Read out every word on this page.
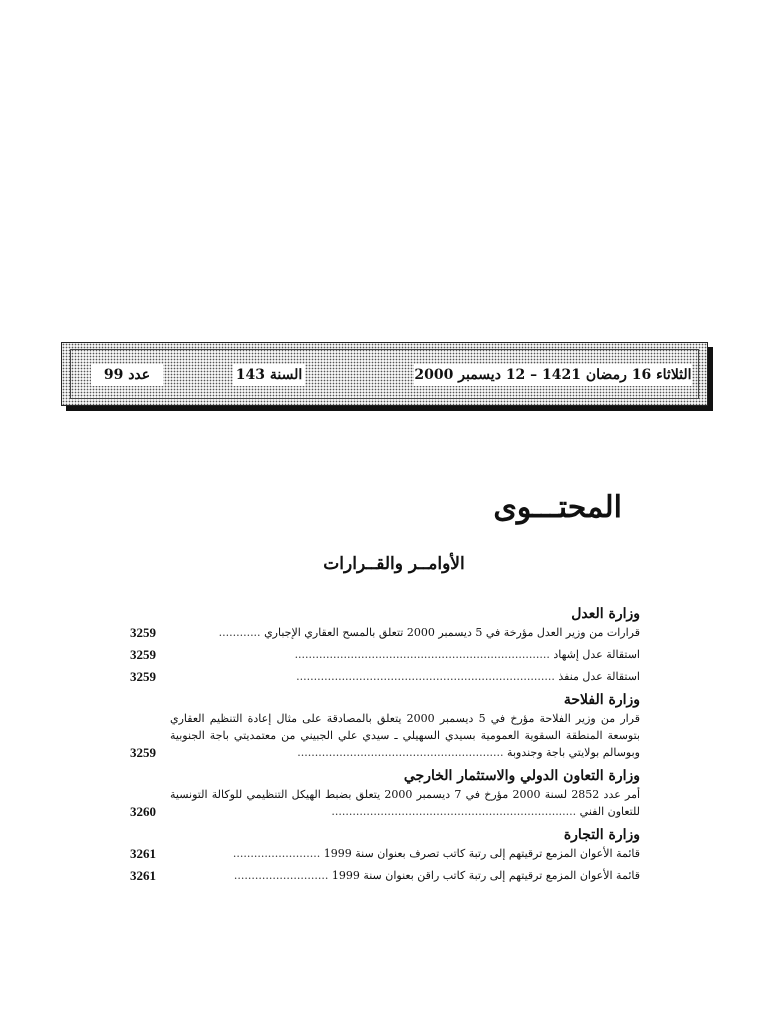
الثلاثاء 16 رمضان 1421 – 12 ديسمبر 2000
السنة 143
عدد 99
المحتـــوى
الأوامــر والقــرارات
وزارة العدل
قرارات من وزير العدل مؤرخة في 5 ديسمبر 2000 تتعلق بالمسح العقاري الإجباري ............
3259
استقالة عدل إشهاد .........................................................................
3259
استقالة عدل منفذ ..........................................................................
3259
وزارة الفلاحة
قرار من وزير الفلاحة مؤرخ في 5 ديسمبر 2000 يتعلق بالمصادقة على مثال إعادة التنظيم العقاري بتوسعة المنطقة السقوية العمومية بسيدي السهيلي ـ سيدي علي الجبيني من معتمديتي باجة الجنوبية وبوسالم بولايتي باجة وجندوبة ...........................................................
3259
وزارة التعاون الدولي والاستثمار الخارجي
أمر عدد 2852 لسنة 2000 مؤرخ في 7 ديسمبر 2000 يتعلق بضبط الهيكل التنظيمي للوكالة التونسية للتعاون الفني ......................................................................
3260
وزارة التجارة
قائمة الأعوان المزمع ترقيتهم إلى رتبة كاتب تصرف بعنوان سنة 1999 .........................
3261
قائمة الأعوان المزمع ترقيتهم إلى رتبة كاتب راقن بعنوان سنة 1999 ...........................
3261
